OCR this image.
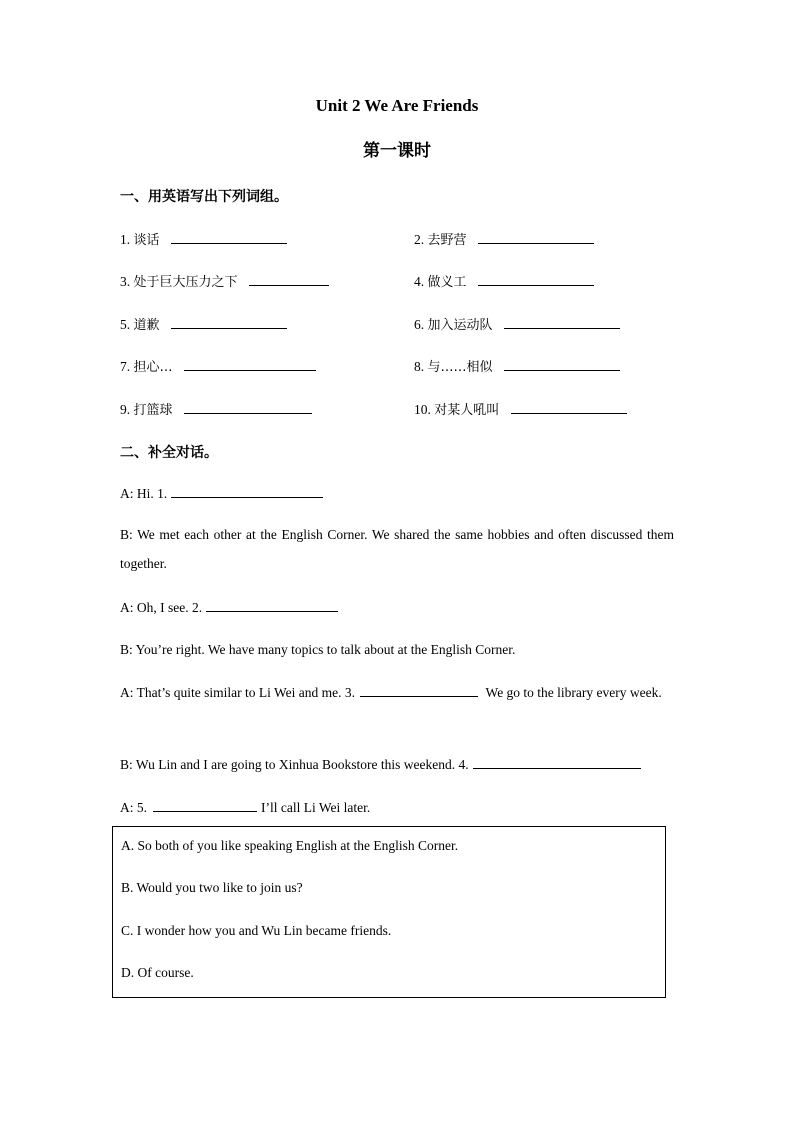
Unit 2 We Are Friends
第一课时
一、用英语写出下列词组。
1. 谈话	2. 去野营
3. 处于巨大压力之下	4. 做义工
5. 道歉	6. 加入运动队
7. 担心…	8. 与……相似
9. 打篮球	10. 对某人吼叫
二、补全对话。
A: Hi. 1.
B: We met each other at the English Corner. We shared the same hobbies and often discussed them together.
A: Oh, I see. 2.
B: You’re right. We have many topics to talk about at the English Corner.
A: That’s quite similar to Li Wei and me. 3.	We go to the library every week.
B: Wu Lin and I are going to Xinhua Bookstore this weekend. 4.
A: 5.	I’ll call Li Wei later.
A. So both of you like speaking English at the English Corner.
B. Would you two like to join us?
C. I wonder how you and Wu Lin became friends.
D. Of course.
